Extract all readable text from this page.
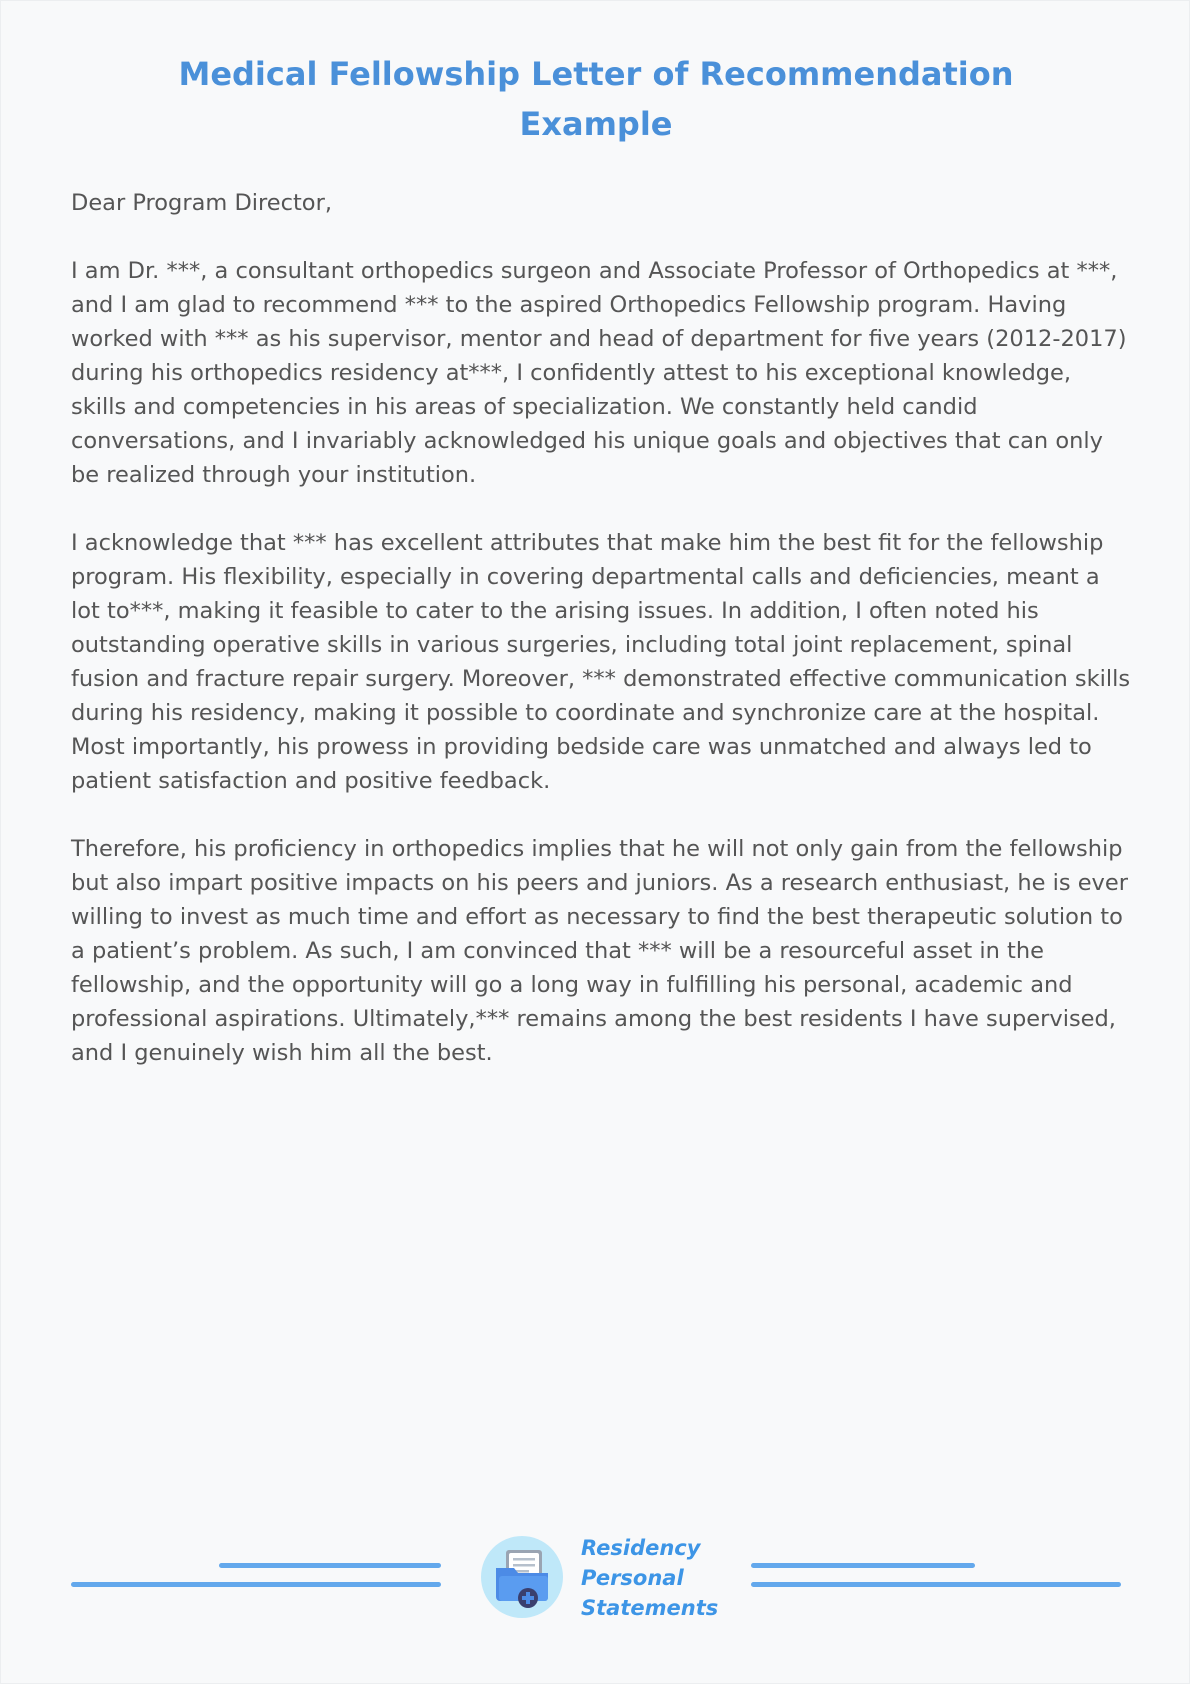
Medical Fellowship Letter of Recommendation
Example

Dear Program Director,

I am Dr. ***, a consultant orthopedics surgeon and Associate Professor of Orthopedics at ***, and I am glad to recommend *** to the aspired Orthopedics Fellowship program. Having worked with *** as his supervisor, mentor and head of department for five years (2012-2017) during his orthopedics residency at***, I confidently attest to his exceptional knowledge, skills and competencies in his areas of specialization. We constantly held candid conversations, and I invariably acknowledged his unique goals and objectives that can only be realized through your institution.

I acknowledge that *** has excellent attributes that make him the best fit for the fellowship program. His flexibility, especially in covering departmental calls and deficiencies, meant a lot to***, making it feasible to cater to the arising issues. In addition, I often noted his outstanding operative skills in various surgeries, including total joint replacement, spinal fusion and fracture repair surgery. Moreover, *** demonstrated effective communication skills during his residency, making it possible to coordinate and synchronize care at the hospital. Most importantly, his prowess in providing bedside care was unmatched and always led to patient satisfaction and positive feedback.

Therefore, his proficiency in orthopedics implies that he will not only gain from the fellowship but also impart positive impacts on his peers and juniors. As a research enthusiast, he is ever willing to invest as much time and effort as necessary to find the best therapeutic solution to a patient’s problem. As such, I am convinced that *** will be a resourceful asset in the fellowship, and the opportunity will go a long way in fulfilling his personal, academic and professional aspirations. Ultimately,*** remains among the best residents I have supervised, and I genuinely wish him all the best.

Residency
Personal
Statements
